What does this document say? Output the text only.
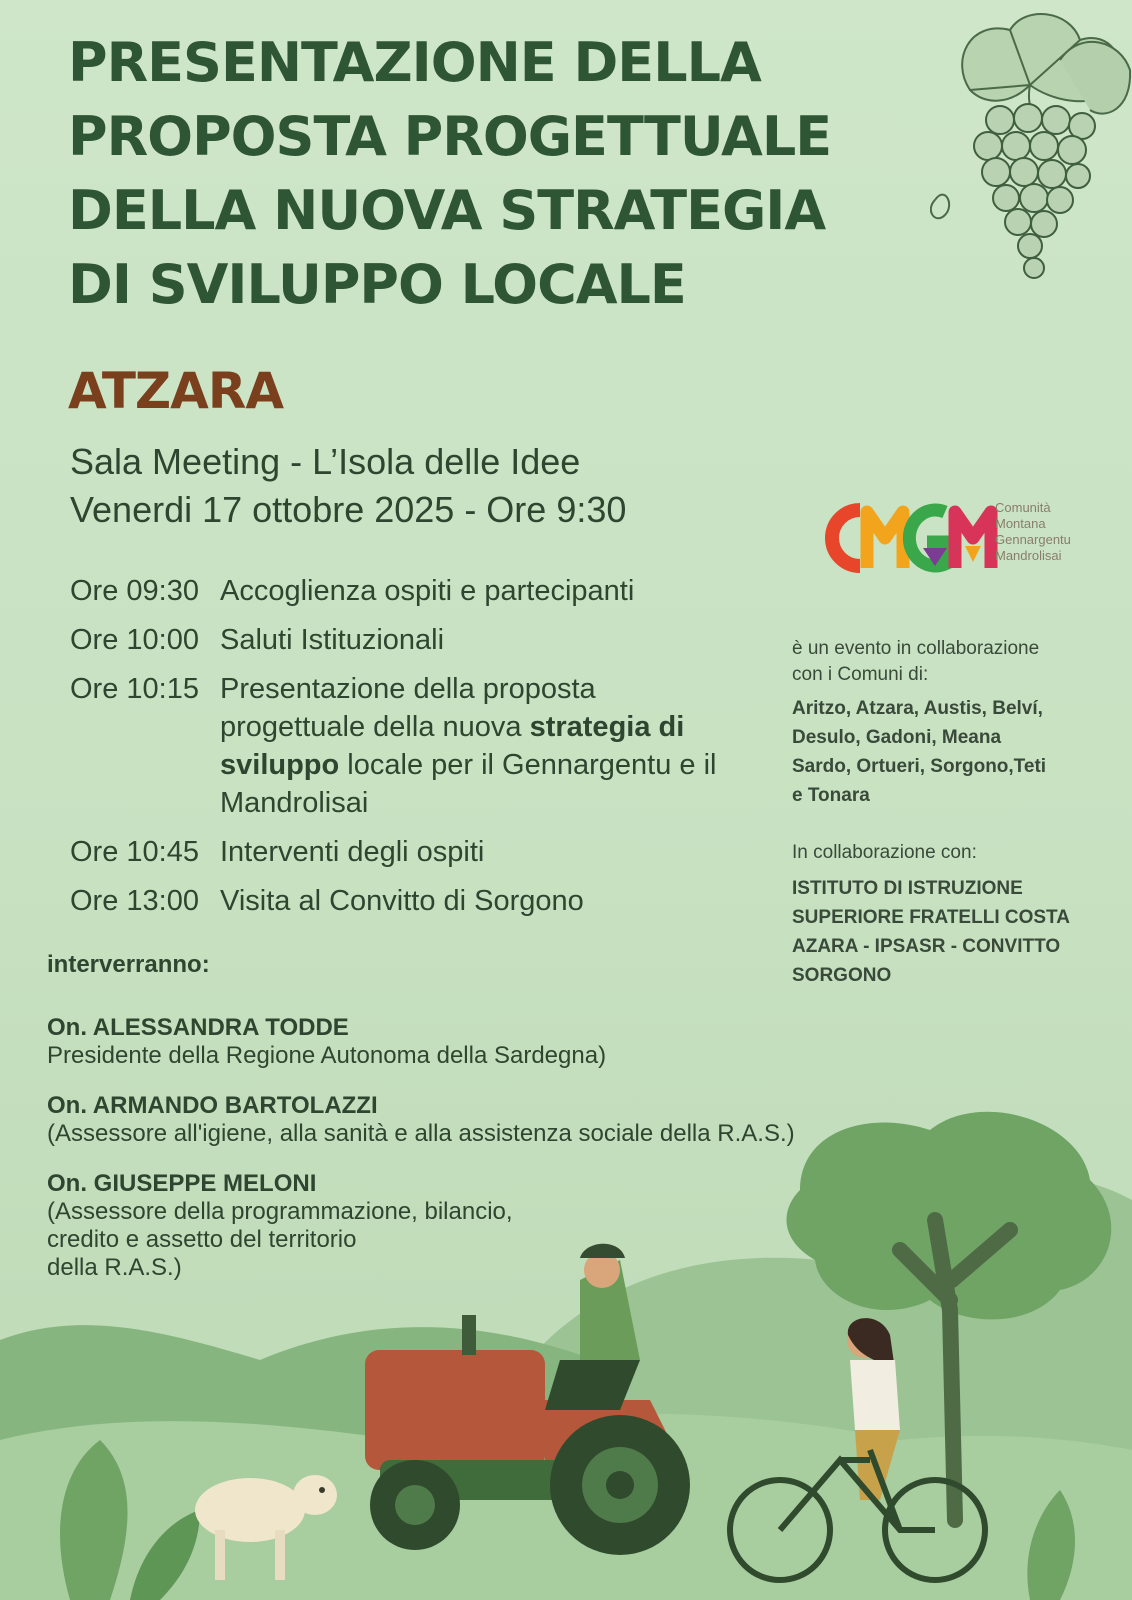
PRESENTAZIONE DELLA
PROPOSTA PROGETTUALE
DELLA NUOVA STRATEGIA
DI SVILUPPO LOCALE
ATZARA
Sala Meeting - L’Isola delle Idee
Venerdi 17 ottobre 2025 - Ore 9:30
Ore 09:30 Accoglienza ospiti e partecipanti
Ore 10:00 Saluti Istituzionali
Ore 10:15 Presentazione della proposta progettuale della nuova strategia di sviluppo locale per il Gennargentu e il Mandrolisai
Ore 10:45 Interventi degli ospiti
Ore 13:00 Visita al Convitto di Sorgono
interverranno:
On. ALESSANDRA TODDE
Presidente della Regione Autonoma della Sardegna)
On. ARMANDO BARTOLAZZI
(Assessore all'igiene, alla sanità e alla assistenza sociale della R.A.S.)
On. GIUSEPPE MELONI
(Assessore della programmazione, bilancio,
credito e assetto del territorio
della R.A.S.)
Comunità
Montana
Gennargentu
Mandrolisai
è un evento in collaborazione
con i Comuni di:
Aritzo, Atzara, Austis, Belví,
Desulo, Gadoni, Meana
Sardo, Ortueri, Sorgono,Teti
e Tonara
In collaborazione con:
ISTITUTO DI ISTRUZIONE
SUPERIORE FRATELLI COSTA
AZARA - IPSASR - CONVITTO
SORGONO
